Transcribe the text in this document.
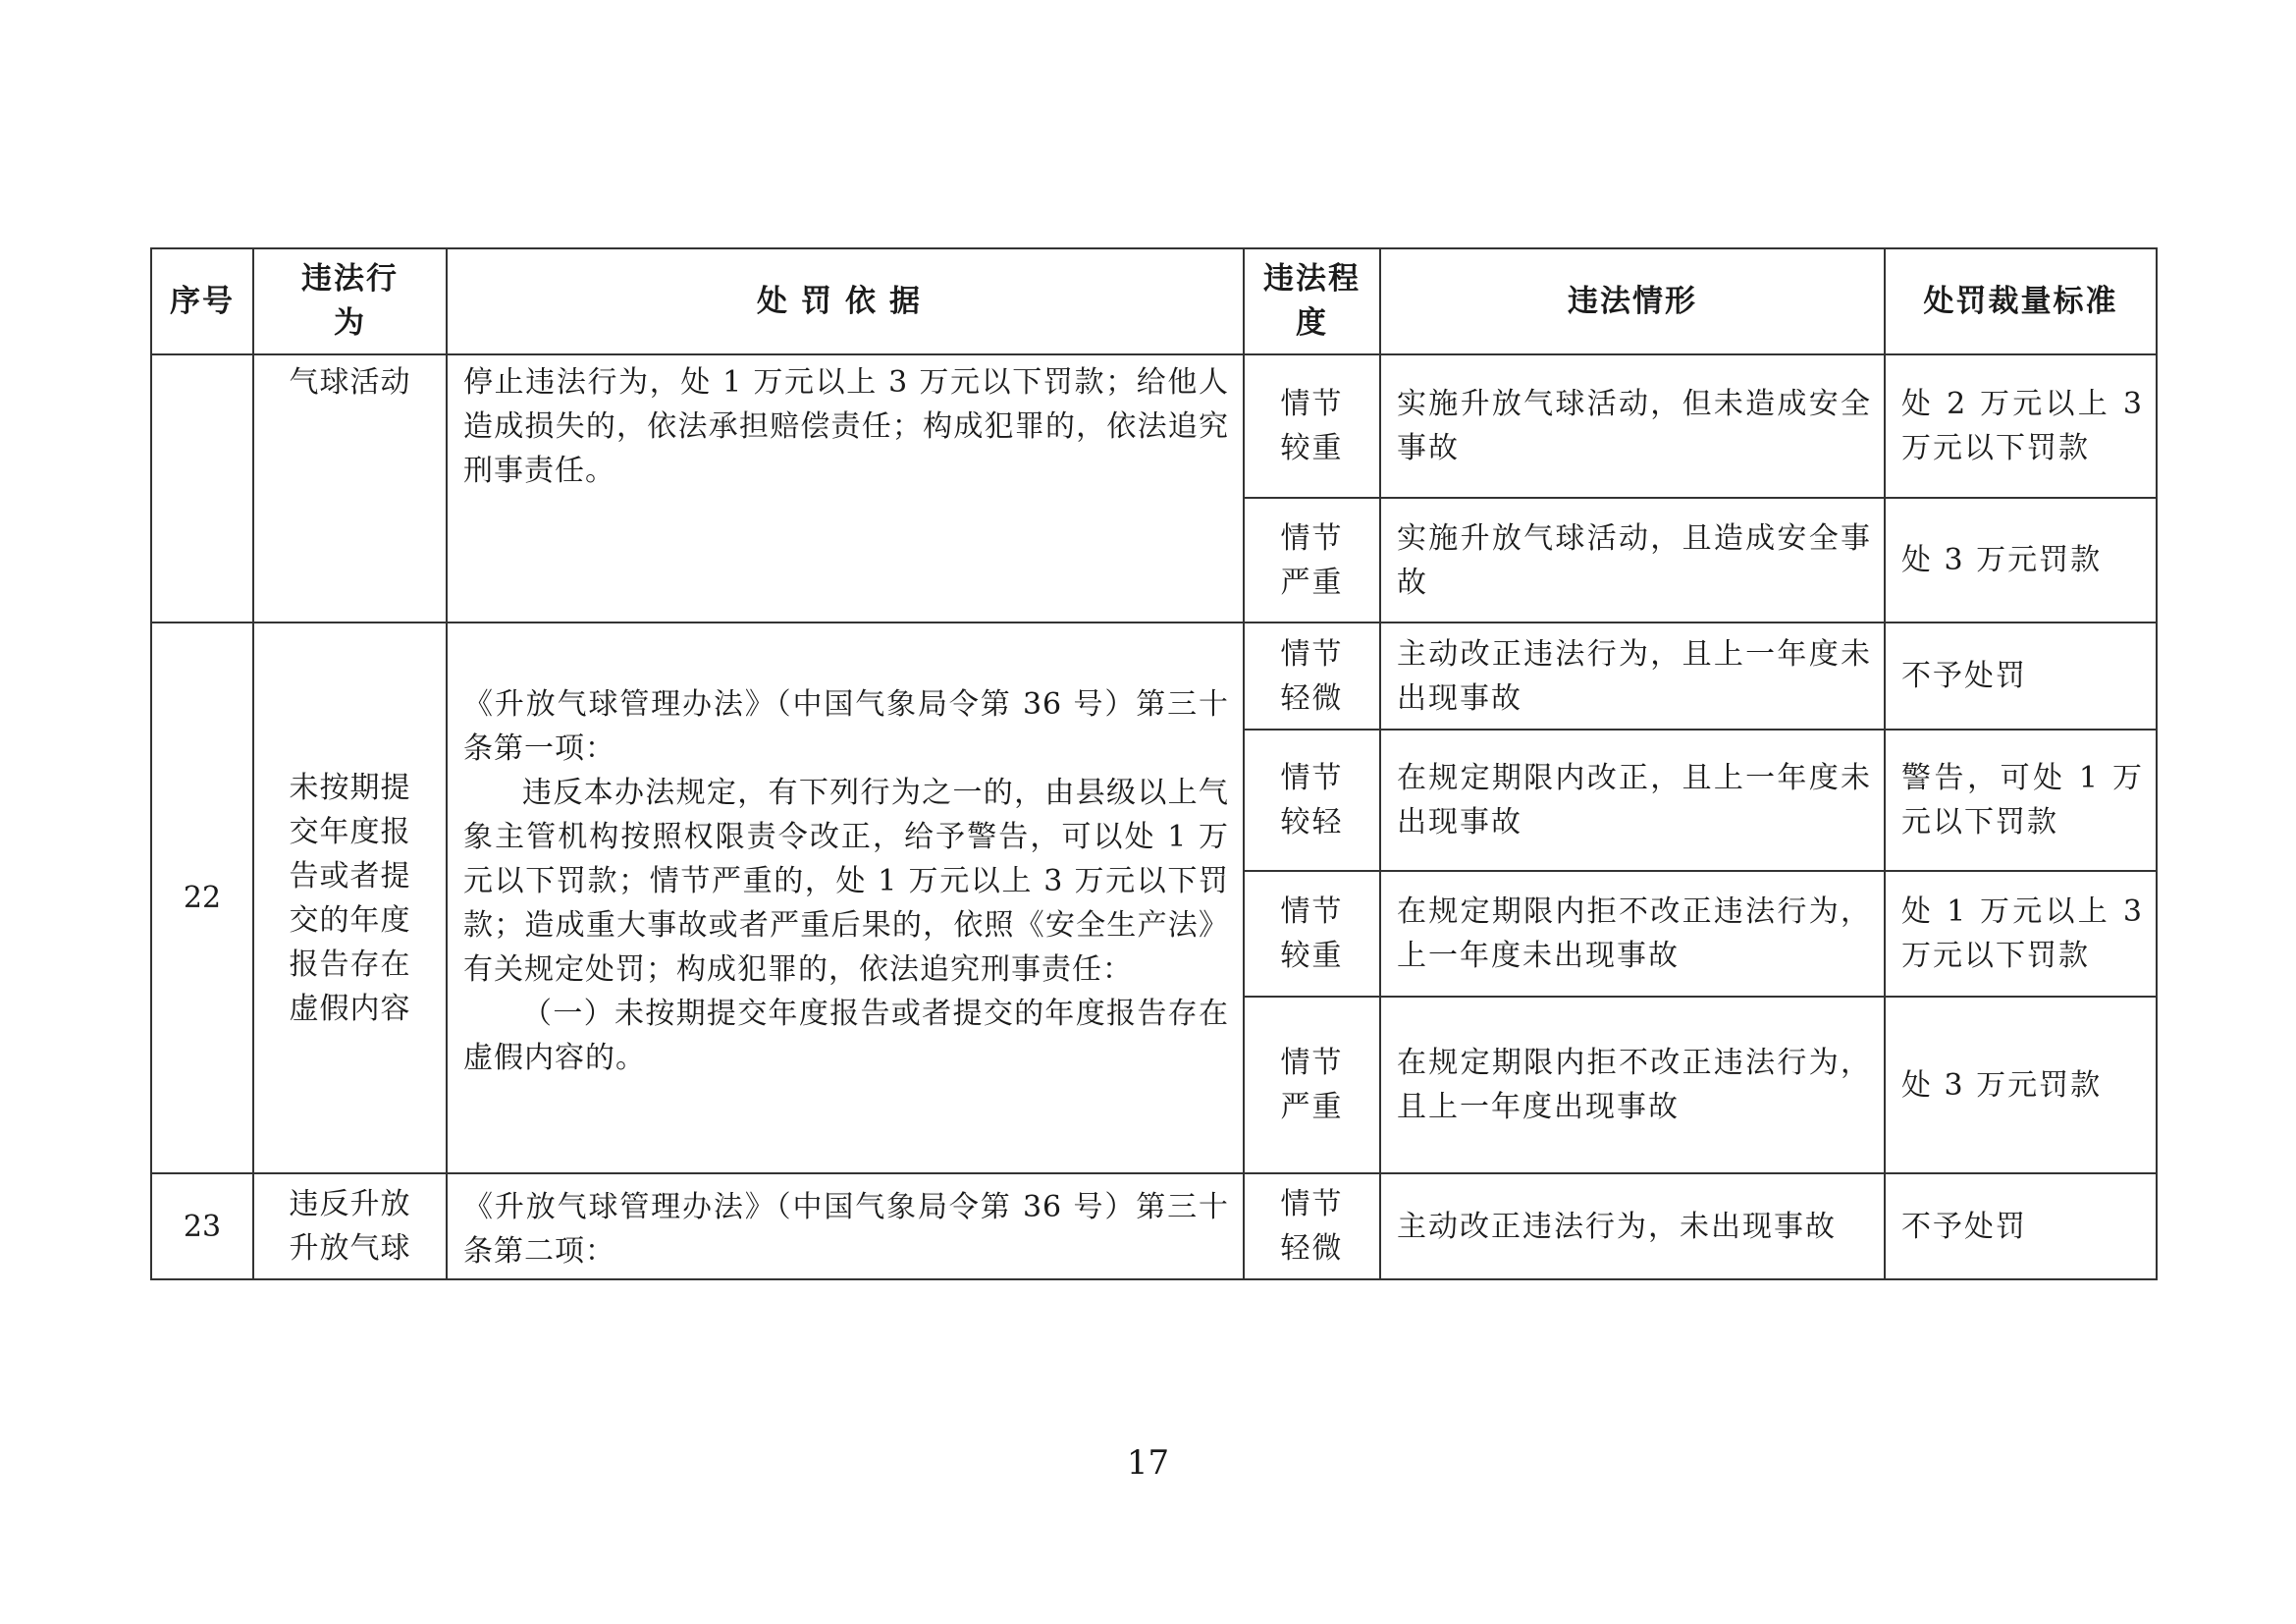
序号	违法行为	处罚依据	违法程度	违法情形	处罚裁量标准
	气球活动	停止违法行为，处 1 万元以上 3 万元以下罚款；给他人造成损失的，依法承担赔偿责任；构成犯罪的，依法追究刑事责任。	情节较重	实施升放气球活动，但未造成安全事故	处 2 万元以上 3 万元以下罚款
			情节严重	实施升放气球活动，且造成安全事故	处 3 万元罚款
22	未按期提交年度报告或者提交的年度报告存在虚假内容	《升放气球管理办法》（中国气象局令第 36 号）第三十条第一项：
违反本办法规定，有下列行为之一的，由县级以上气象主管机构按照权限责令改正，给予警告，可以处 1 万元以下罚款；情节严重的，处 1 万元以上 3 万元以下罚款；造成重大事故或者严重后果的，依照《安全生产法》有关规定处罚；构成犯罪的，依法追究刑事责任：
（一）未按期提交年度报告或者提交的年度报告存在虚假内容的。	情节轻微	主动改正违法行为，且上一年度未出现事故	不予处罚
			情节较轻	在规定期限内改正，且上一年度未出现事故	警告，可处 1 万元以下罚款
			情节较重	在规定期限内拒不改正违法行为，上一年度未出现事故	处 1 万元以上 3 万元以下罚款
			情节严重	在规定期限内拒不改正违法行为，且上一年度出现事故	处 3 万元罚款
23	违反升放升放气球	《升放气球管理办法》（中国气象局令第 36 号）第三十条第二项：	情节轻微	主动改正违法行为，未出现事故	不予处罚
17
